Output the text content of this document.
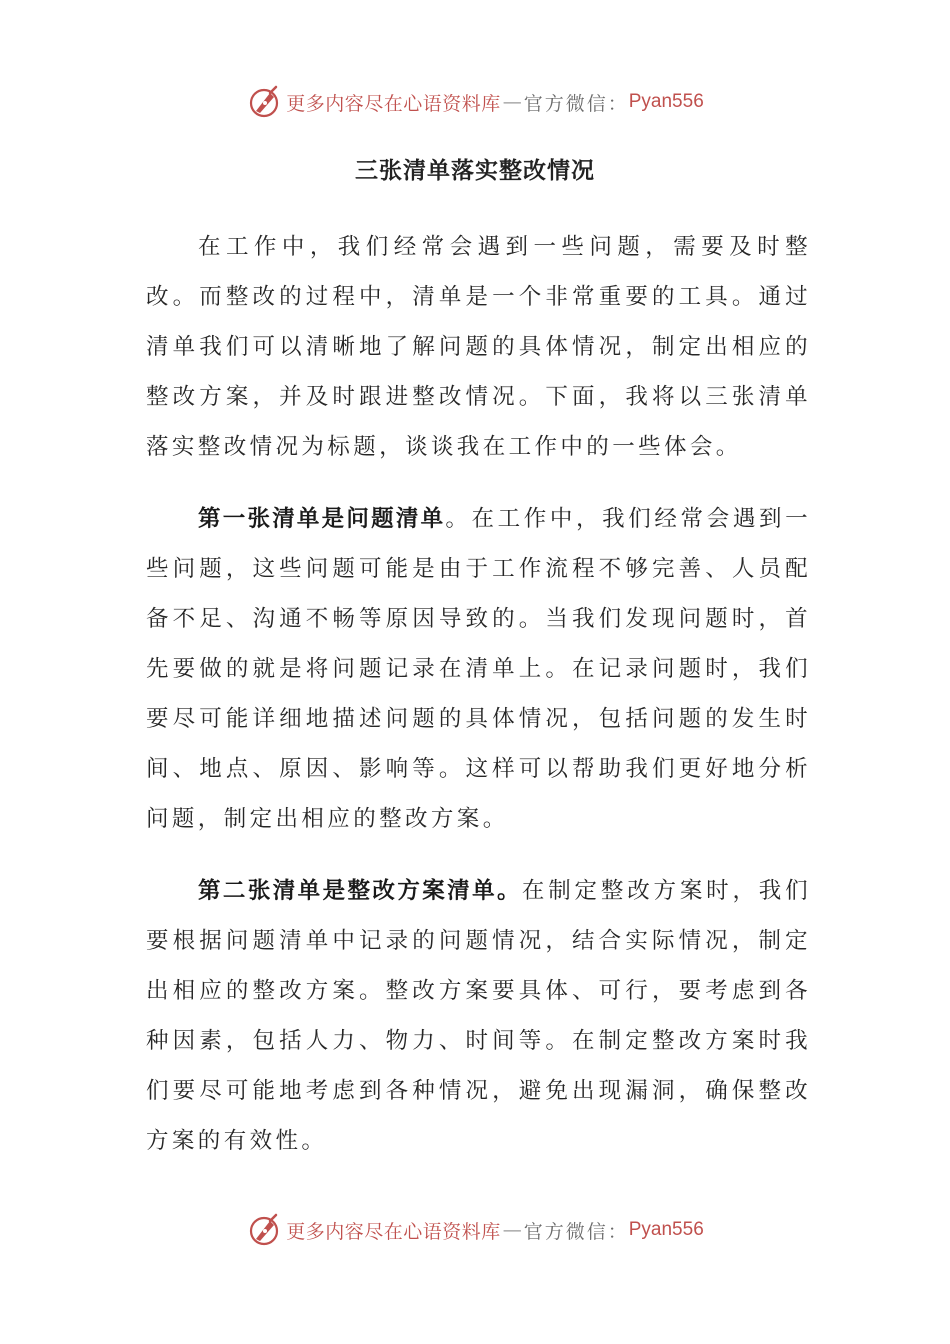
更多内容尽在心语资料库 — 官方微信： Pyan556
三张清单落实整改情况

在工作中，我们经常会遇到一些问题，需要及时整改。而整改的过程中，清单是一个非常重要的工具。通过清单我们可以清晰地了解问题的具体情况，制定出相应的整改方案，并及时跟进整改情况。下面，我将以三张清单落实整改情况为标题，谈谈我在工作中的一些体会。

第一张清单是问题清单。在工作中，我们经常会遇到一些问题，这些问题可能是由于工作流程不够完善、人员配备不足、沟通不畅等原因导致的。当我们发现问题时，首先要做的就是将问题记录在清单上。在记录问题时，我们要尽可能详细地描述问题的具体情况，包括问题的发生时间、地点、原因、影响等。这样可以帮助我们更好地分析问题，制定出相应的整改方案。

第二张清单是整改方案清单。在制定整改方案时，我们要根据问题清单中记录的问题情况，结合实际情况，制定出相应的整改方案。整改方案要具体、可行，要考虑到各种因素，包括人力、物力、时间等。在制定整改方案时我们要尽可能地考虑到各种情况，避免出现漏洞，确保整改方案的有效性。

更多内容尽在心语资料库 — 官方微信： Pyan556
